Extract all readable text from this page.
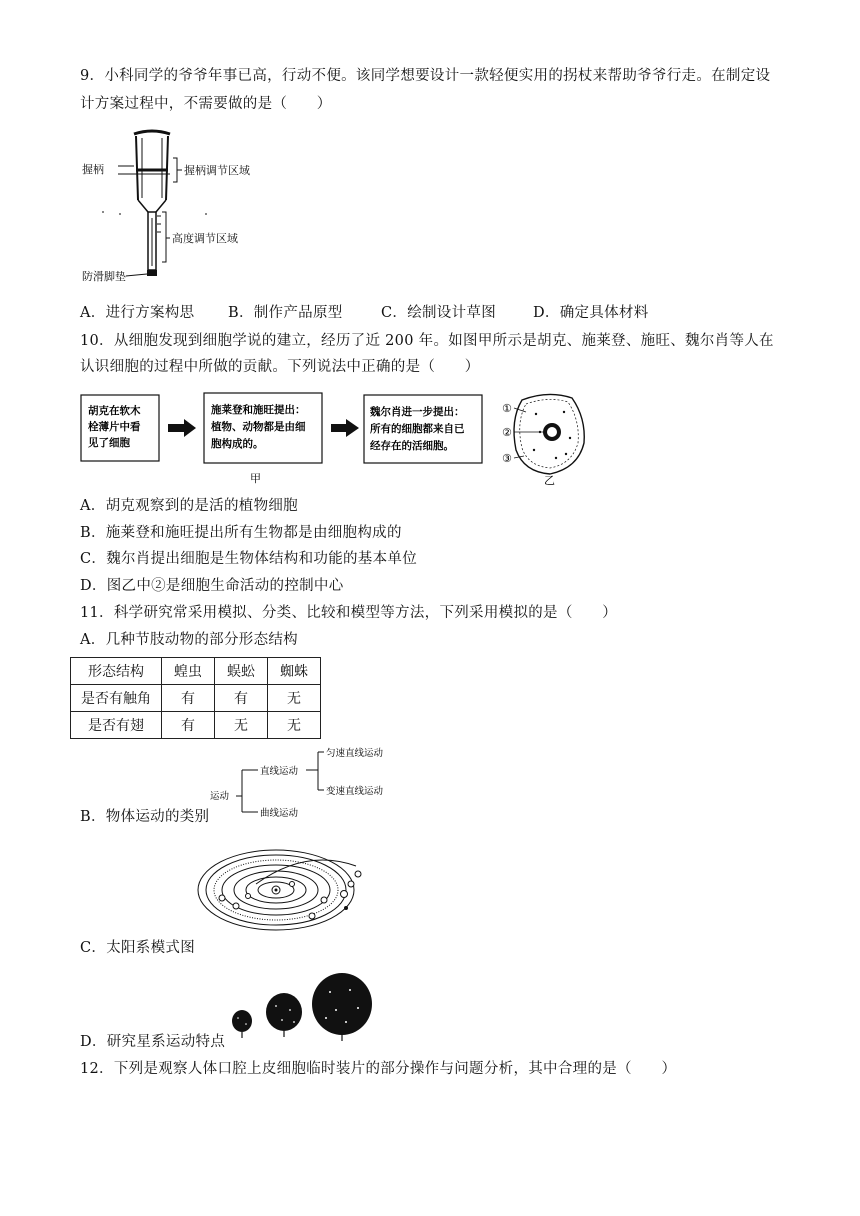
9．小科同学的爷爷年事已高，行动不便。该同学想要设计一款轻便实用的拐杖来帮助爷爷行走。在制定设
计方案过程中，不需要做的是（　　）
握柄	握柄调节区域
高度调节区域
防滑脚垫
A．进行方案构思 B．制作产品原型	C．绘制设计草图	D．确定具体材料
10．从细胞发现到细胞学说的建立，经历了近 200 年。如图甲所示是胡克、施莱登、施旺、魏尔肖等人在
认识细胞的过程中所做的贡献。下列说法中正确的是（　　）
胡克在软木
栓薄片中看
见了细胞
施莱登和施旺提出：
植物、动物都是由细
胞构成的。
魏尔肖进一步提出：
所有的细胞都来自已
经存在的活细胞。
甲
①
②
③
乙
A．胡克观察到的是活的植物细胞
B．施莱登和施旺提出所有生物都是由细胞构成的
C．魏尔肖提出细胞是生物体结构和功能的基本单位
D．图乙中②是细胞生命活动的控制中心
11．科学研究常采用模拟、分类、比较和模型等方法，下列采用模拟的是（　　）
A．几种节肢动物的部分形态结构
形态结构	蝗虫	蜈蚣	蜘蛛
是否有触角	有	有	无
是否有翅	有	无	无
运动
直线运动
曲线运动
匀速直线运动
变速直线运动
B．物体运动的类别
C．太阳系模式图
D．研究星系运动特点
12．下列是观察人体口腔上皮细胞临时装片的部分操作与问题分析，其中合理的是（　　）
